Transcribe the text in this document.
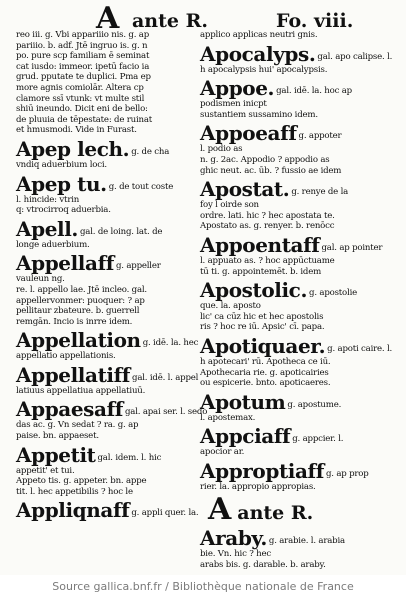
A ante R.	Fo. viii.
reo iii. g. Vbi appariiio nis. g. ap
pariiio. b. adf. Jtē ingruo is. g. n
po. pure scp familiam ē seminat
cat iusdo: immeor. ipetū facio ia
grud. pputate te duplici. Pma ep
more agnis comiolār. Altera cp
clamore ssī vtunk: vt multe stil
shiū ineundo. Dicit eni de bello:
de pluuia de tēpestate: de ruinat
et hmusmodi. Vide in Furast.
Apep lech. g. de cha
vndiq aduerbium loci.
Apep tu. g. de tout coste
l. hincide: vtrin
q: vtrocirroq aduerbia.
Apell. gal. de loing. lat. de
longe aduerbium.
Appellaff g. appeller
vauleun ng.
re. l. appello lae. Jtē incleo. gal.
appellervonmer: puoquer: ? ap
pellitaur zbateure. b. guerrell
remgān. Incio is inrre idem.
Appellation g. idē. la. hec
appellatio appellationis.
Appellatiff gal. idē. l. appel
latiuus appellatiua appellatiuū.
Appaesaff gal. apai ser. l. sedo
das ac. g. Vn sedat ? ra. g. ap
paise. bn. appaeset.
Appetit gal. idem. l. hic
appetit' et tui.
Appeto tis. g. appeter. bn. appe
tit. l. hec appetibilis ? hoc le
Appliqnaff g. appli quer. la.
applico applicas neutri gnis.
Apocalyps. gal. apo calipse. l.
h apocalypsis hui' apocalypsis.
Appoe. gal. idē. la. hoc ap
podismen inicpt
sustantiem sussamino idem.
Appoeaff g. appoter
l. podio as
n. g. 2ac. Appodio ? appodio as
ghic neut. ac. ūb. ? fussio ae idem
Apostat. g. renye de la
foy l oirde son
ordre. lati. hic ? hec apostata te.
Apostato as. g. renyer. b. renōcc
Appoentaff gal. ap pointer
l. appuato as. ? hoc appūctuame
tū ti. g. appointemēt. b. idem
Apostolic. g. apostolie
que. la. aposto
lic' ca cūz hic et hec apostolis
ris ? hoc re iū. Apsic' cī. papa.
Apotiquaer. g. apoti caire. l.
h apotecari' rū. Apotheca ce iū.
Apothecaria rie. g. apoticairies
ou espicerie. bnto. apoticaeres.
Apotum g. apostume.
l. apostemax.
Appciaff g. appcier. l.
apocior ar.
Approptiaff g. ap prop
rier. la. appropio appropias.
Aante R.
Araby. g. arabie. l. arabia
bie. Vn. hic ? hec
arabs bis. g. darable. b. araby.
Source gallica.bnf.fr / Bibliothèque nationale de France
